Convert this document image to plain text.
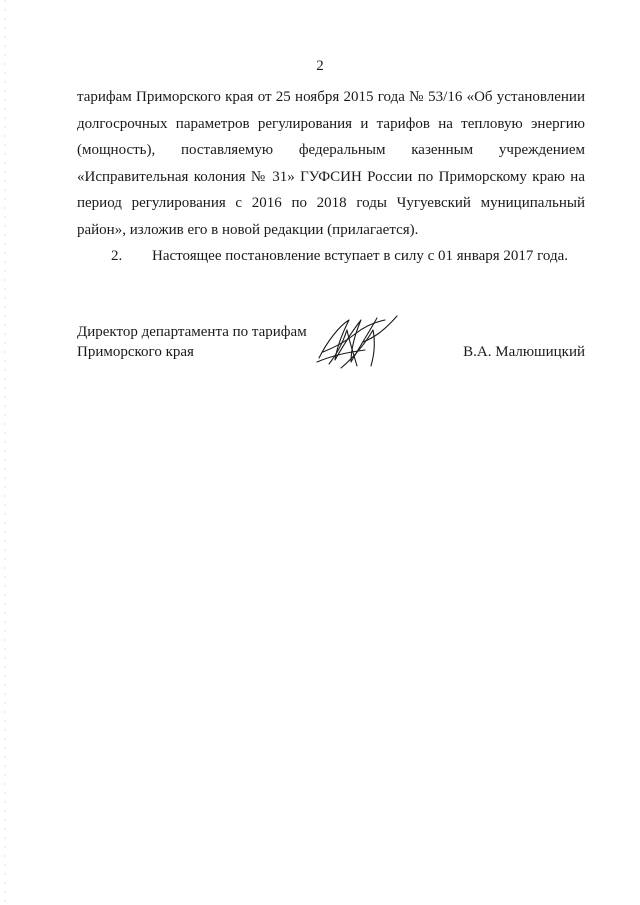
2
тарифам Приморского края от 25 ноября 2015 года № 53/16 «Об установлении
долгосрочных параметров регулирования и тарифов на тепловую энергию
(мощность), поставляемую федеральным казенным учреждением
«Исправительная колония № 31» ГУФСИН России по Приморскому краю на
период регулирования с 2016 по 2018 годы Чугуевский муниципальный
район», изложив его в новой редакции (прилагается).
2.	Настоящее постановление вступает в силу с 01 января 2017 года.
Директор департамента по тарифам
Приморского края	В.А. Малюшицкий
